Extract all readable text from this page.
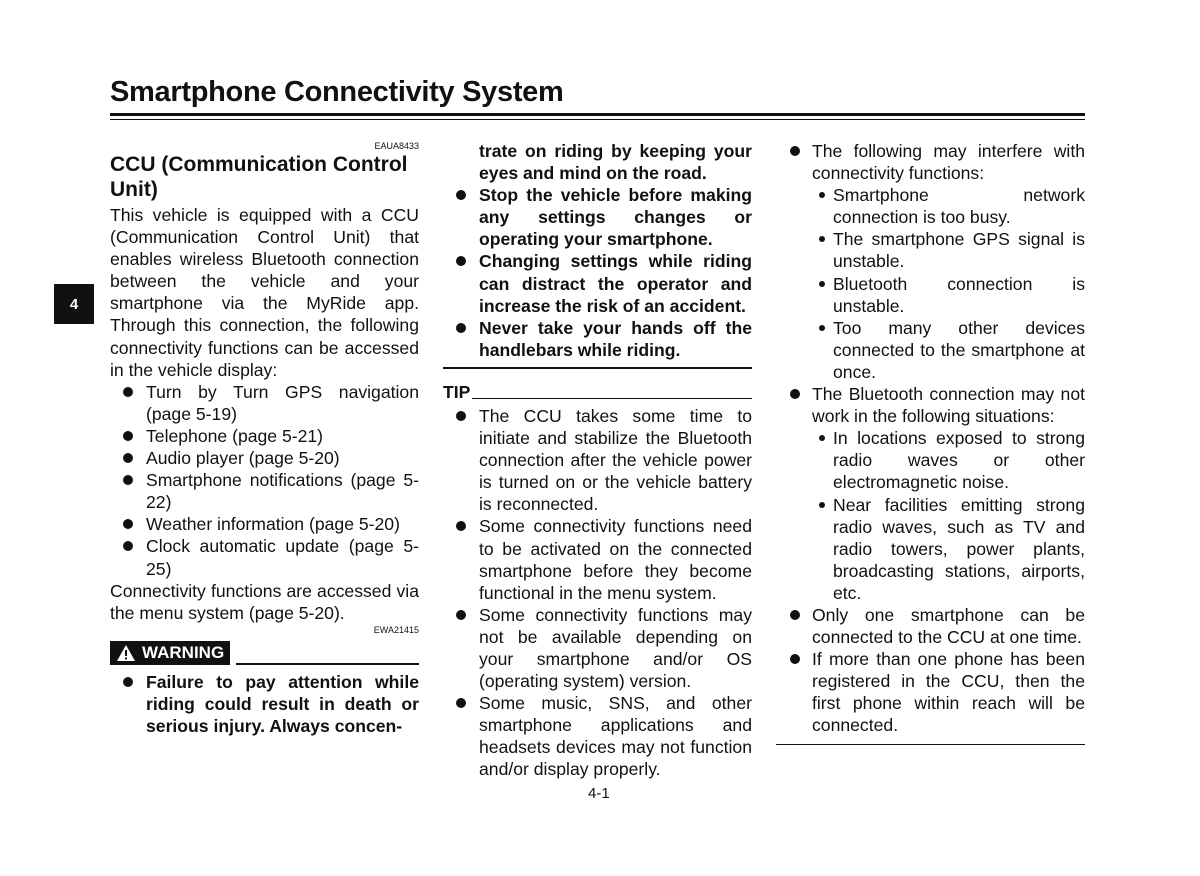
Smartphone Connectivity System
4
EAUA8433
CCU (Communication Control Unit)
This vehicle is equipped with a CCU (Communication Control Unit) that enables wireless Bluetooth connection between the vehicle and your smartphone via the MyRide app. Through this connection, the following connectivity functions can be accessed in the vehicle display:
Turn by Turn GPS navigation (page 5-19)
Telephone (page 5-21)
Audio player (page 5-20)
Smartphone notifications (page 5-22)
Weather information (page 5-20)
Clock automatic update (page 5-25)
Connectivity functions are accessed via the menu system (page 5-20).
EWA21415
WARNING
Failure to pay attention while riding could result in death or serious injury. Always concen-
trate on riding by keeping your eyes and mind on the road.
Stop the vehicle before making any settings changes or operating your smartphone.
Changing settings while riding can distract the operator and increase the risk of an accident.
Never take your hands off the handlebars while riding.
TIP
The CCU takes some time to initiate and stabilize the Bluetooth connection after the vehicle power is turned on or the vehicle battery is reconnected.
Some connectivity functions need to be activated on the connected smartphone before they become functional in the menu system.
Some connectivity functions may not be available depending on your smartphone and/or OS (operating system) version.
Some music, SNS, and other smartphone applications and headsets devices may not function and/or display properly.
The following may interfere with connectivity functions:
Smartphone network connection is too busy.
The smartphone GPS signal is unstable.
Bluetooth connection is unstable.
Too many other devices connected to the smartphone at once.
The Bluetooth connection may not work in the following situations:
In locations exposed to strong radio waves or other electromagnetic noise.
Near facilities emitting strong radio waves, such as TV and radio towers, power plants, broadcasting stations, airports, etc.
Only one smartphone can be connected to the CCU at one time.
If more than one phone has been registered in the CCU, then the first phone within reach will be connected.
4-1
